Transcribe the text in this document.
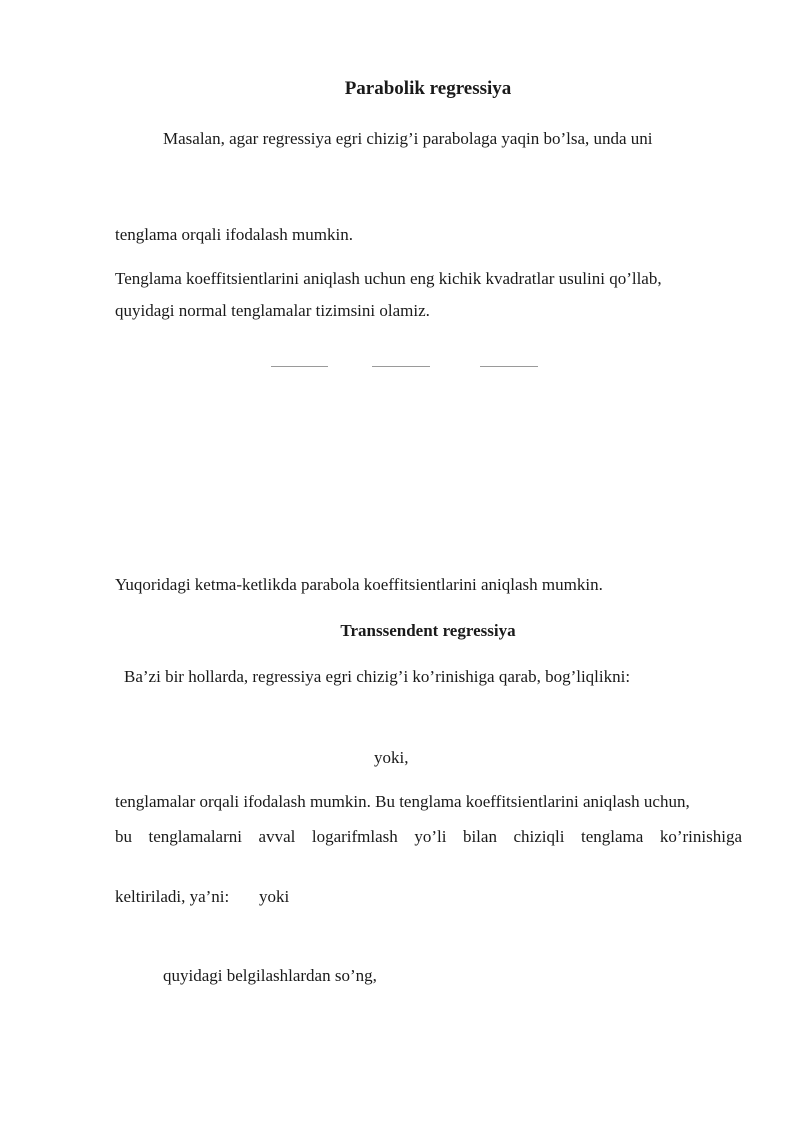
Parabolik regressiya
Masalan, agar regressiya egri chizig’i parabolaga yaqin bo’lsa, unda uni
tenglama orqali ifodalash mumkin.
Tenglama koeffitsientlarini aniqlash uchun eng kichik kvadratlar usulini qo’llab,
quyidagi normal tenglamalar tizimsini olamiz.
Yuqoridagi ketma-ketlikda parabola koeffitsientlarini aniqlash mumkin.
Transsendent regressiya
Ba’zi bir hollarda, regressiya egri chizig’i ko’rinishiga qarab, bog’liqlikni:
yoki,
tenglamalar orqali ifodalash mumkin. Bu tenglama koeffitsientlarini aniqlash uchun,
bu tenglamalarni avval logarifmlash yo’li bilan chiziqli tenglama ko’rinishiga
keltiriladi, ya’ni: yoki
quyidagi belgilashlardan so’ng,
